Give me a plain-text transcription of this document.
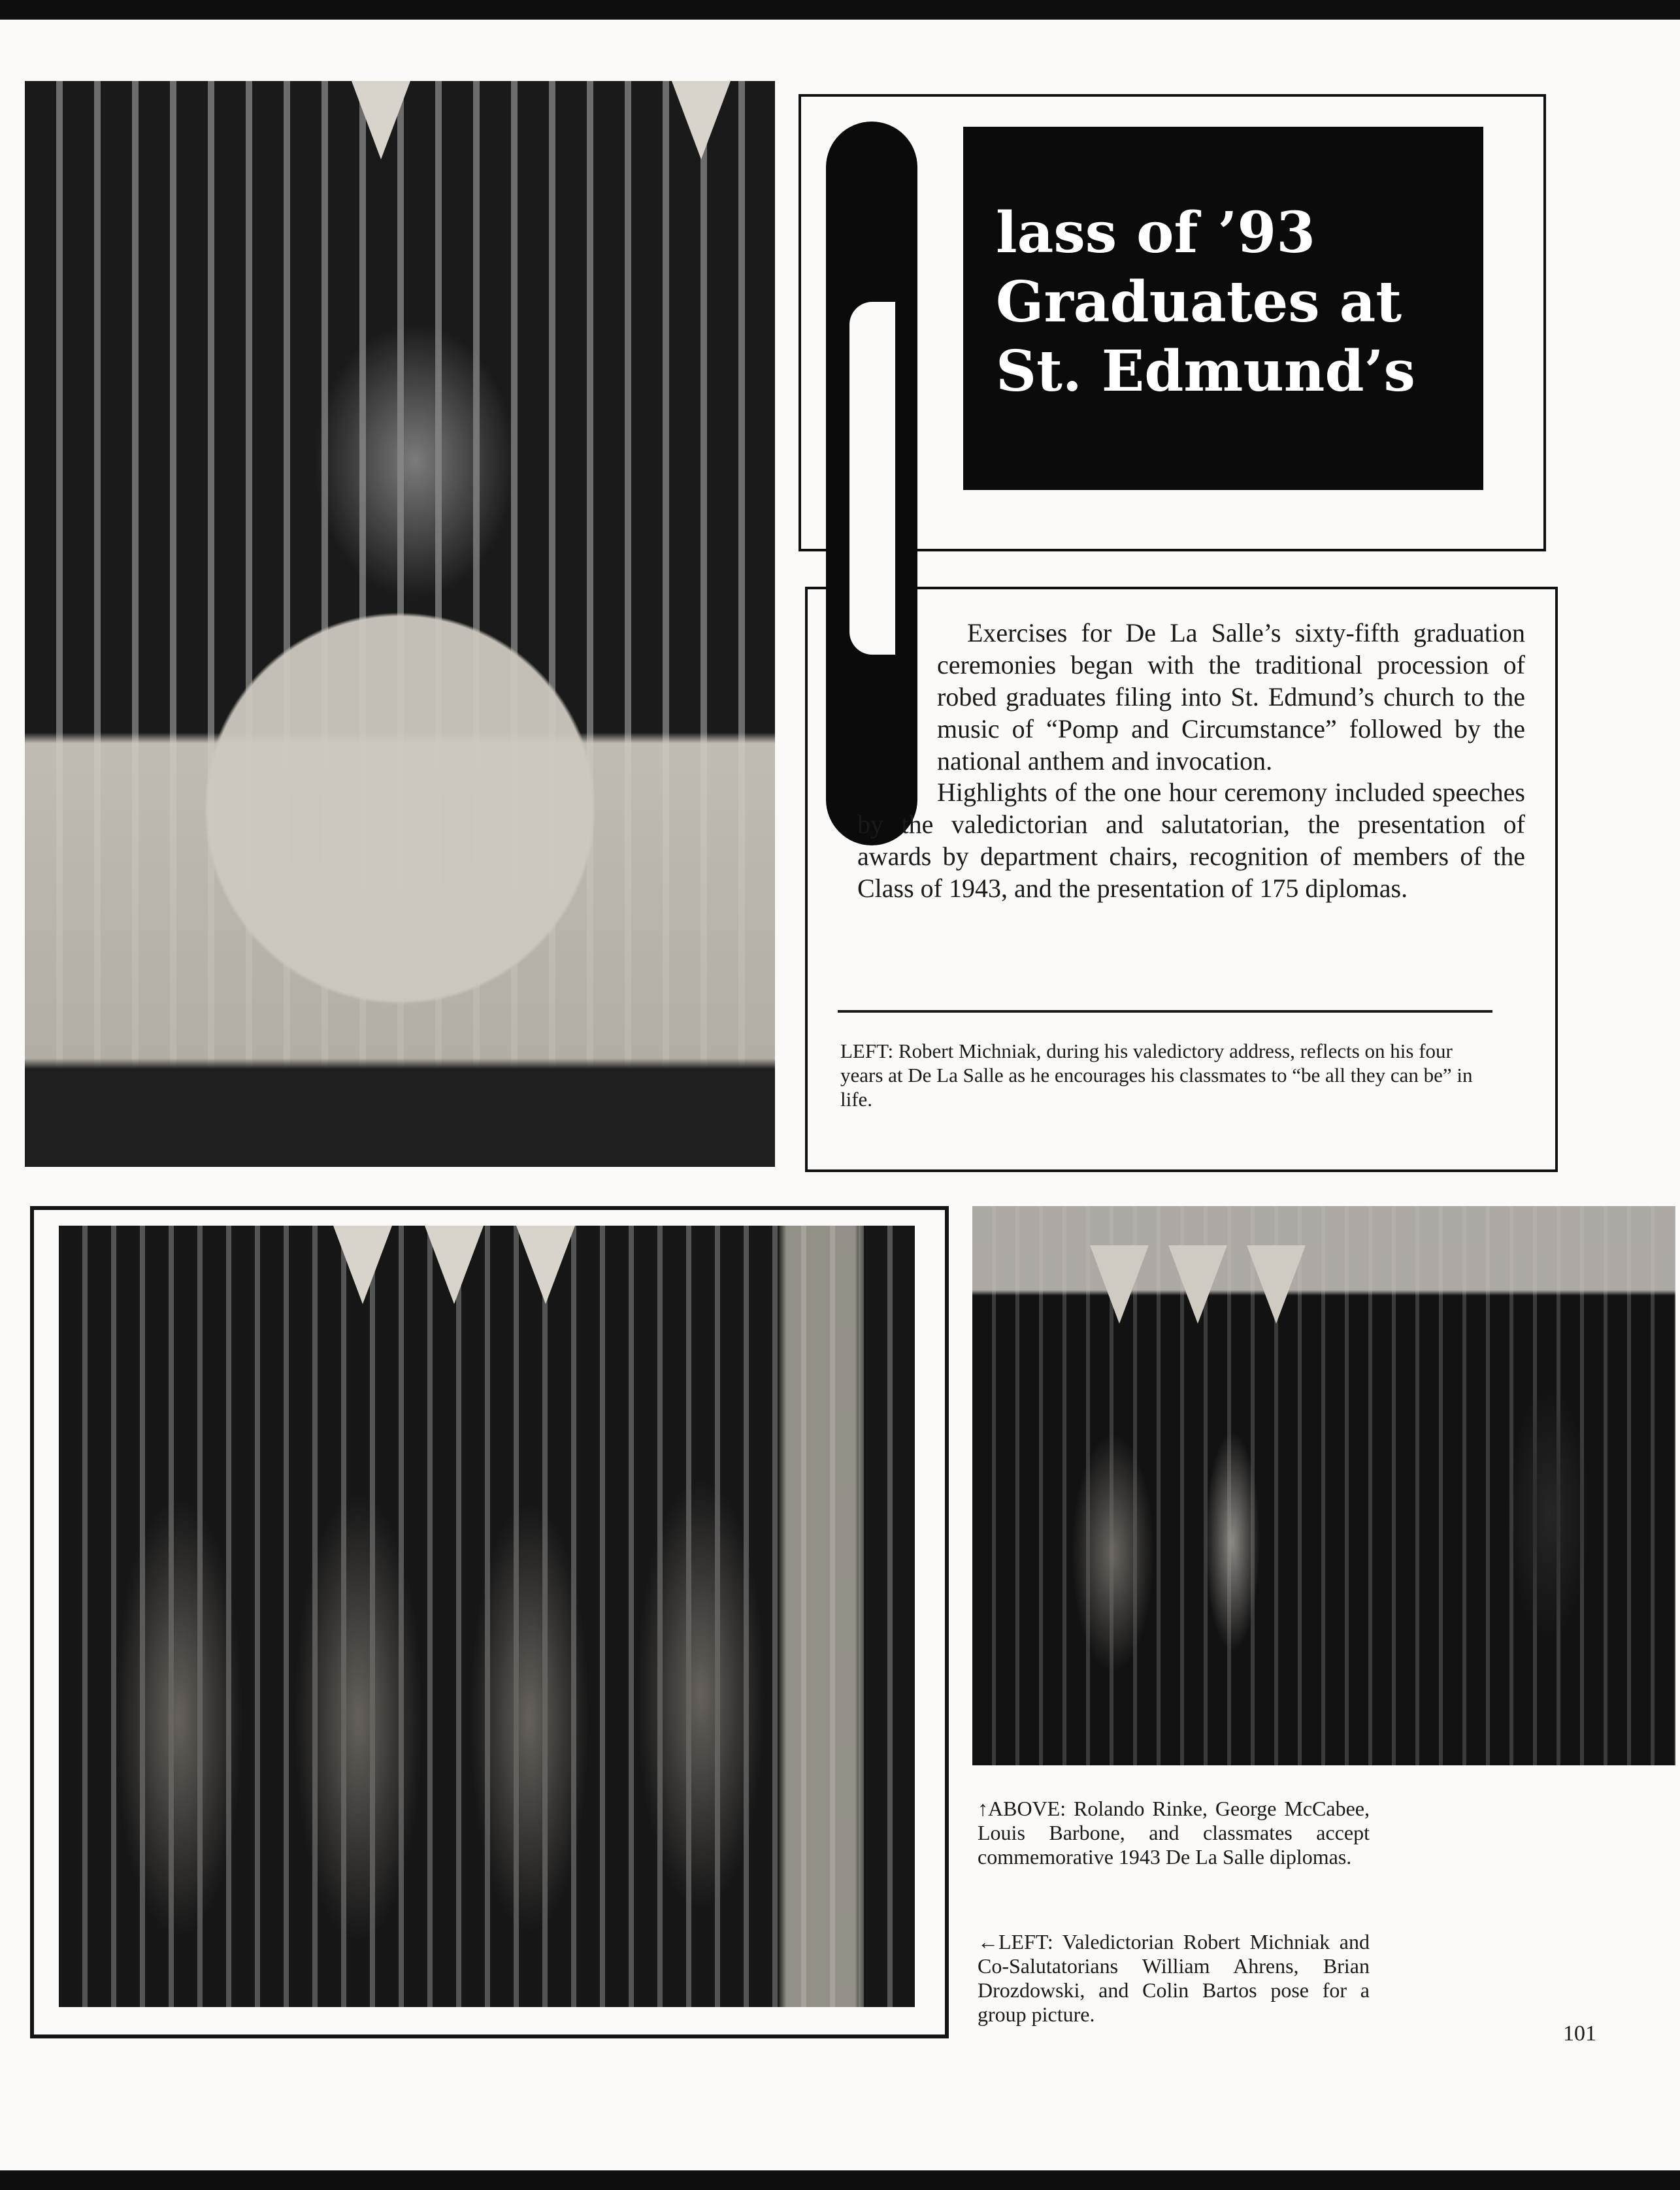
lass of ’93
Graduates at
St. Edmund’s

Exercises for De La Salle’s sixty-fifth graduation ceremonies began with the traditional procession of robed graduates filing into St. Edmund’s church to the music of “Pomp and Circumstance” followed by the national anthem and invocation.

Highlights of the one hour ceremony included speeches by the valedictorian and salutatorian, the presentation of awards by department chairs, recognition of members of the Class of 1943, and the presentation of 175 diplomas.

LEFT: Robert Michniak, during his valedictory address, reflects on his four years at De La Salle as he encourages his classmates to “be all they can be” in life.

↑ABOVE: Rolando Rinke, George McCabee, Louis Barbone, and classmates accept commemorative 1943 De La Salle diplomas.

←LEFT: Valedictorian Robert Michniak and Co-Salutatorians William Ahrens, Brian Drozdowski, and Colin Bartos pose for a group picture.

101
